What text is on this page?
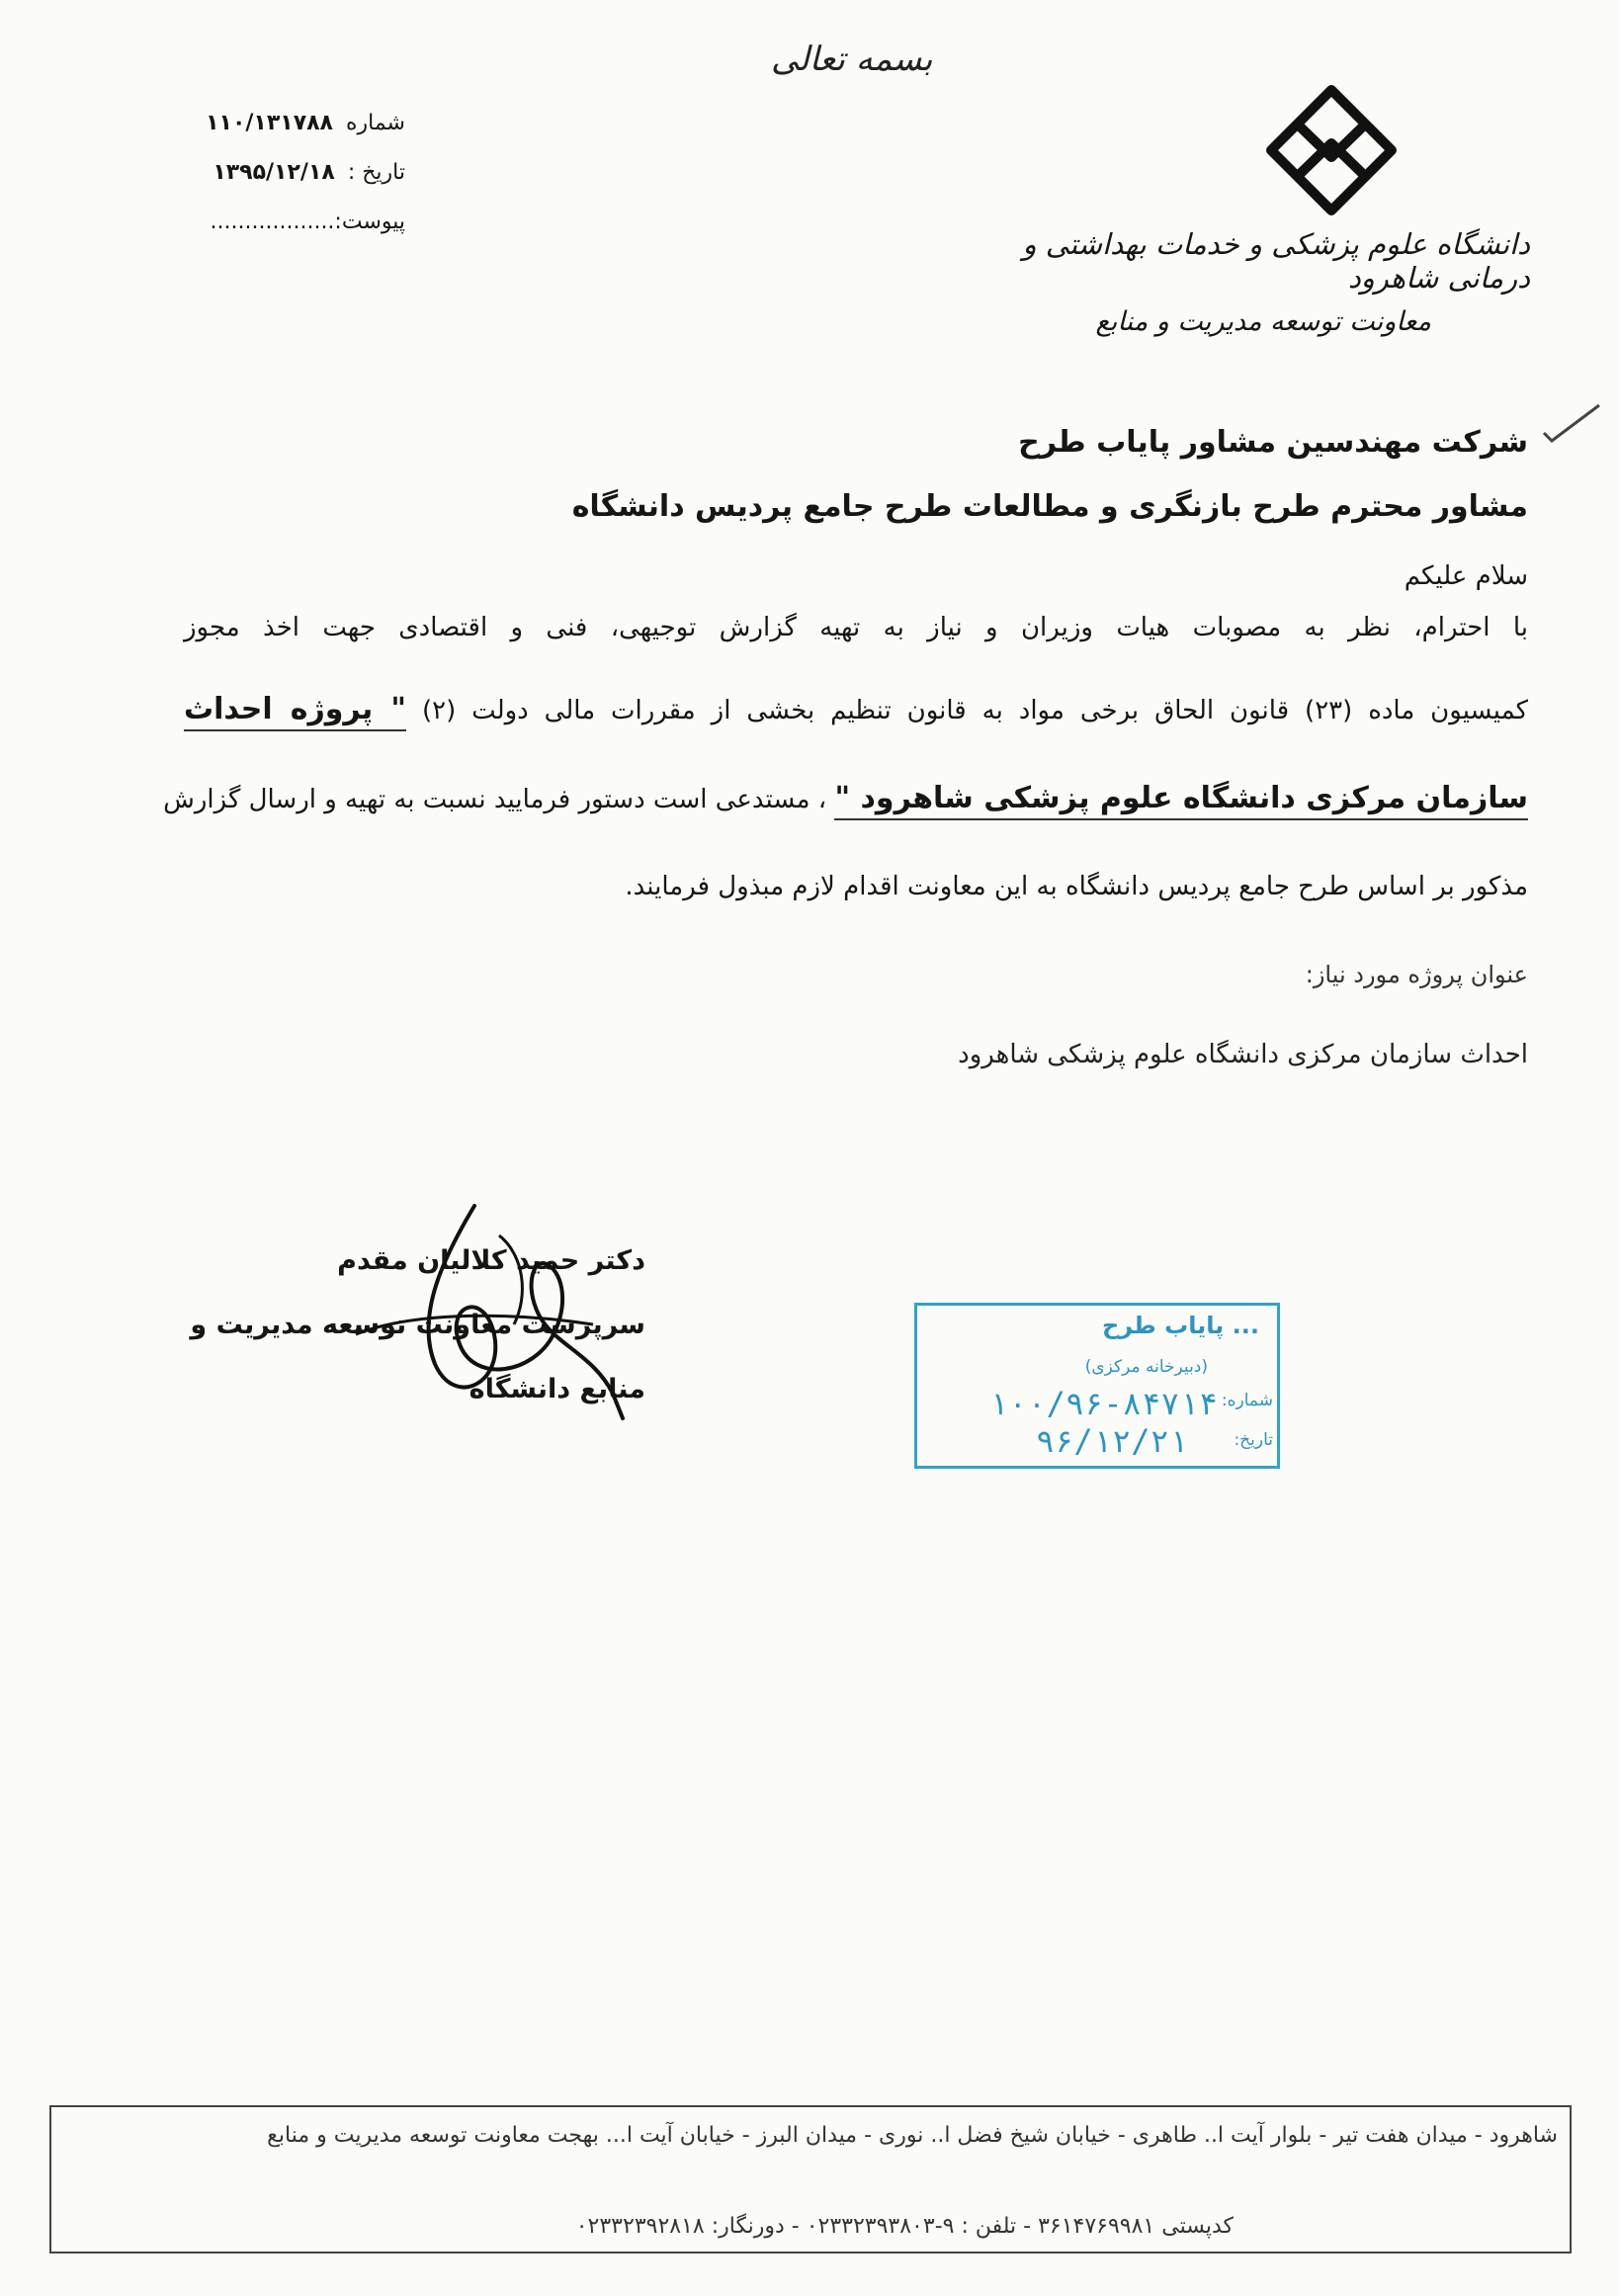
بسمه تعالی
دانشگاه علوم پزشکی و خدمات بهداشتی و درمانی شاهرود
معاونت توسعه مدیریت و منابع
شماره ۱۱۰/۱۳۱۷۸۸
تاریخ : ۱۳۹۵/۱۲/۱۸
پیوست:..................
شرکت مهندسین مشاور پایاب طرح
مشاور محترم طرح بازنگری و مطالعات طرح جامع پردیس دانشگاه
سلام علیکم
با احترام، نظر به مصوبات هیات وزیران و نیاز به تهیه گزارش توجیهی، فنی و اقتصادی جهت اخذ مجوز
کمیسیون ماده (۲۳) قانون الحاق برخی مواد به قانون تنظیم بخشی از مقررات مالی دولت (۲) " پروژه احداث
سازمان مرکزی دانشگاه علوم پزشکی شاهرود " ، مستدعی است دستور فرمایید نسبت به تهیه و ارسال گزارش
مذکور بر اساس طرح جامع پردیس دانشگاه به این معاونت اقدام لازم مبذول فرمایند.
عنوان پروژه مورد نیاز:
احداث سازمان مرکزی دانشگاه علوم پزشکی شاهرود
دکتر حمید کلالیان مقدم
سرپرست معاونت توسعه مدیریت و
منابع دانشگاه
... پایاب طرح
(دبیرخانه مرکزی)
شماره:
۱۰۰/۹۶-۸۴۷۱۴
تاریخ:
۹۶/۱۲/۲۱
شاهرود - میدان هفت تیر - بلوار آیت ا.. طاهری - خیابان شیخ فضل ا.. نوری - میدان البرز - خیابان آیت ا... بهجت معاونت توسعه مدیریت و منابع
کدپستی ۳۶۱۴۷۶۹۹۸۱ - تلفن : ۹-۰۲۳۳۲۳۹۳۸۰۳ - دورنگار: ۰۲۳۳۲۳۹۲۸۱۸
